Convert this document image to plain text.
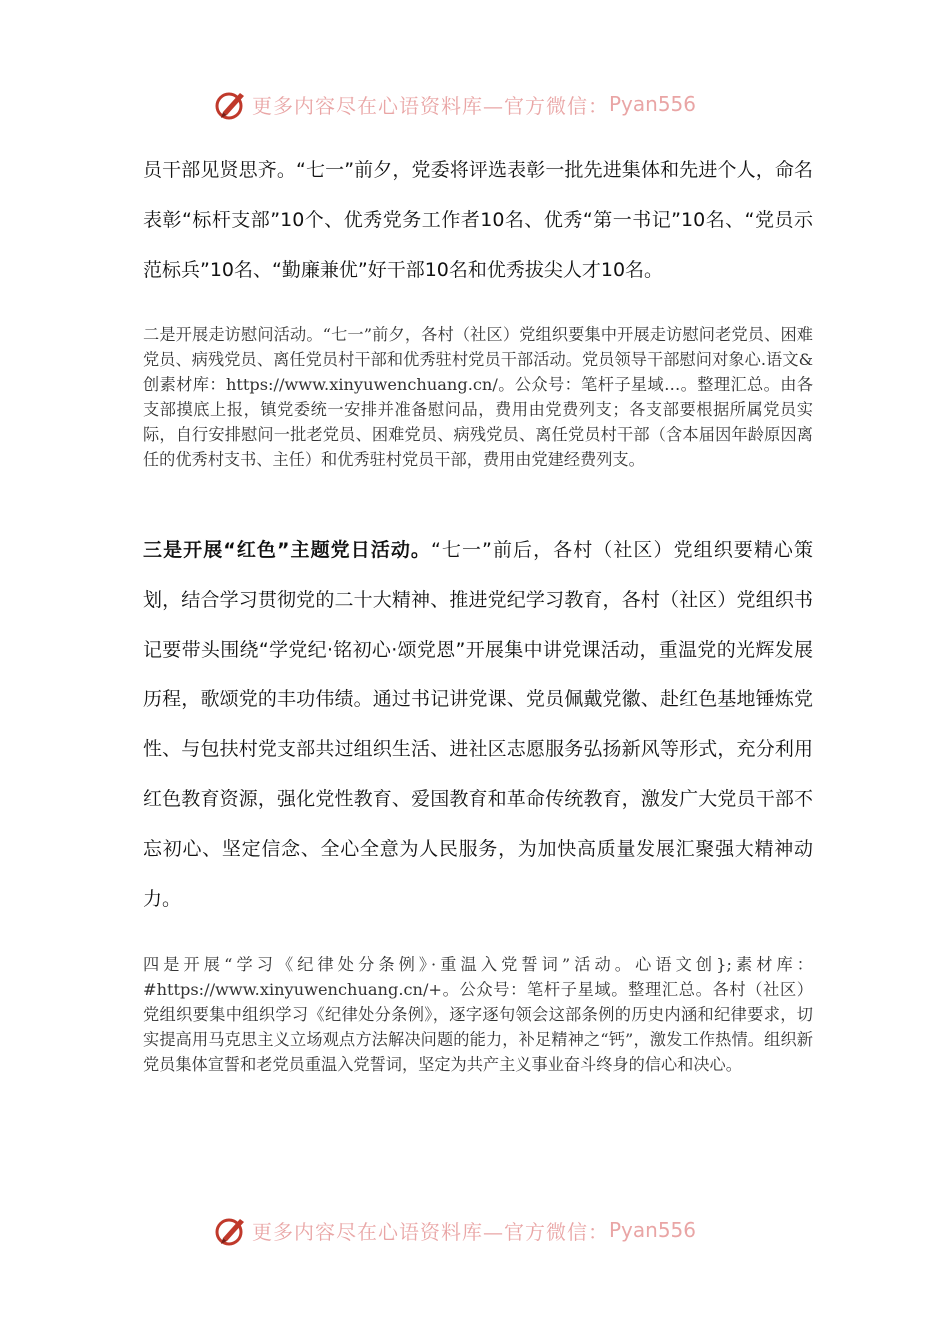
更多内容尽在心语资料库—官方微信： Pyan556

员干部见贤思齐。“七一”前夕，党委将评选表彰一批先进集体和先进个人，命名表彰“标杆支部”10个、优秀党务工作者10名、优秀“第一书记”10名、“党员示范标兵”10名、“勤廉兼优”好干部10名和优秀拔尖人才10名。

二是开展走访慰问活动。“七一”前夕，各村（社区）党组织要集中开展走访慰问老党员、困难党员、病残党员、离任党员村干部和优秀驻村党员干部活动。党员领导干部慰问对象心.语文&创素材库：https://www.xinyuwenchuang.cn/。公众号：笔杆子星域…。整理汇总。由各支部摸底上报，镇党委统一安排并准备慰问品，费用由党费列支；各支部要根据所属党员实际，自行安排慰问一批老党员、困难党员、病残党员、离任党员村干部（含本届因年龄原因离任的优秀村支书、主任）和优秀驻村党员干部，费用由党建经费列支。

三是开展“红色”主题党日活动。“七一”前后，各村（社区）党组织要精心策划，结合学习贯彻党的二十大精神、推进党纪学习教育，各村（社区）党组织书记要带头围绕“学党纪·铭初心·颂党恩”开展集中讲党课活动，重温党的光辉发展历程，歌颂党的丰功伟绩。通过书记讲党课、党员佩戴党徽、赴红色基地锤炼党性、与包扶村党支部共过组织生活、进社区志愿服务弘扬新风等形式，充分利用红色教育资源，强化党性教育、爱国教育和革命传统教育，激发广大党员干部不忘初心、坚定信念、全心全意为人民服务，为加快高质量发展汇聚强大精神动力。

四是开展“学习《纪律处分条例》·重温入党誓词”活动。心语文创};素材库：#https://www.xinyuwenchuang.cn/+。公众号：笔杆子星域。整理汇总。各村（社区）党组织要集中组织学习《纪律处分条例》，逐字逐句领会这部条例的历史内涵和纪律要求，切实提高用马克思主义立场观点方法解决问题的能力，补足精神之“钙”，激发工作热情。组织新党员集体宣誓和老党员重温入党誓词，坚定为共产主义事业奋斗终身的信心和决心。

更多内容尽在心语资料库—官方微信： Pyan556
